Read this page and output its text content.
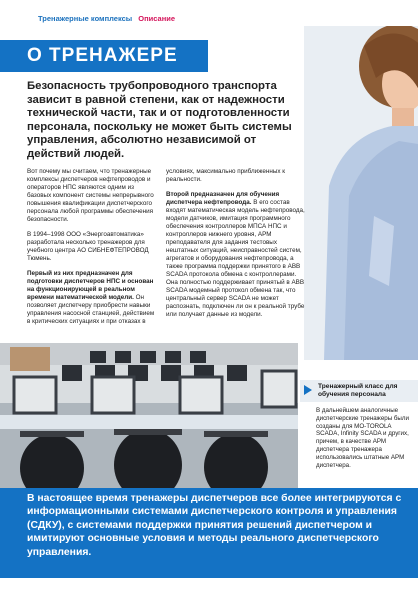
Тренажерные комплексы Описание
О ТРЕНАЖЕРЕ

Безопасность трубопроводного транспорта зависит в равной степени, как от надежности технической части, так и от подготовленности персонала, поскольку не может быть системы управления, абсолютно независимой от действий людей.

Вот почему мы считаем, что тренажерные комплексы диспетчеров нефтепроводов и операторов НПС являются одним из базовых компонент системы непрерывного повышения квалификации диспетчерского персонала любой программы обеспечения безопасности.

В 1994–1998 ООО «Энергоавтоматика» разработала несколько тренажеров для учебного центра АО СИБНЕФТЕПРОВОД Тюмень.

Первый из них предназначен для подготовки диспетчеров НПС и основан на функционирующей в реальном времени математической модели. Он позволяет диспетчеру приобрести навыки управления насосной станцией, действием в критических ситуациях и при отказах в

условиях, максимально приближенных к реальности.

Второй предназначен для обучения диспетчера нефтепровода. В его состав входят математическая модель нефтепровода, модели датчиков, имитация программного обеспечения контроллеров МПСА НПС и контроллеров нижнего уровня, АРМ преподавателя для задания тестовых нештатных ситуаций, неисправностей систем, агрегатов и оборудования нефтепровода, а также программа поддержки принятого в АВВ SCADA протокола обмена с контроллерами. Она полностью поддерживает принятый в АВВ SCADA модемный протокол обмена так, что центральный сервер SCADA не может распознать, подключен ли он к реальной трубе или получает данные из модели.

Тренажерный класс для обучения персонала

В дальнейшем аналогичные диспетчерские тренажеры были созданы для MO-TOROLA SCADA, Infinity SCADA и других, причем, в качестве АРМ диспетчера тренажера использовались штатные АРМ диспетчера.

В настоящее время тренажеры диспетчеров все более интегрируются с информационными системами диспетчерского контроля и управления (СДКУ), с системами поддержки принятия решений диспетчером и имитируют основные условия и методы реального диспетчерского управления.
